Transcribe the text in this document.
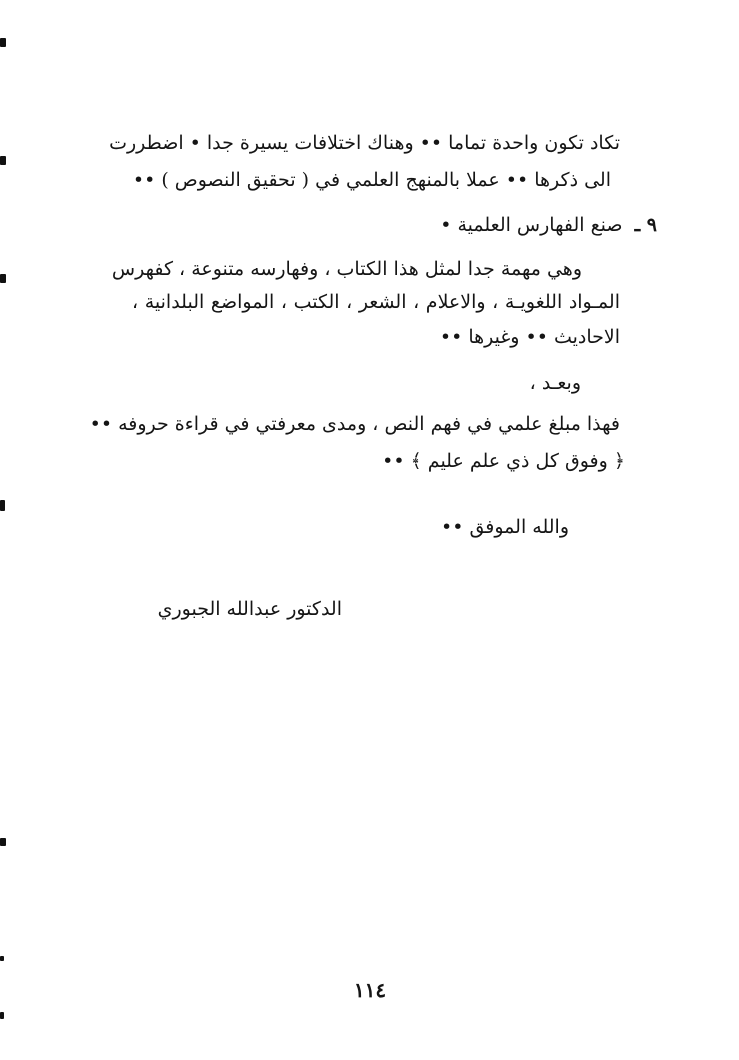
تكاد تكون واحدة تماما •• وهناك اختلافات يسيرة جدا • اضطررت
الى ذكرها •• عملا بالمنهج العلمي في ( تحقيق النصوص ) ••
٩ ـ صنع الفهارس العلمية •
وهي مهمة جدا لمثل هذا الكتاب ، وفهارسه متنوعة ، كفهرس
المـواد اللغويـة ، والاعلام ، الشعر ، الكتب ، المواضع البلدانية ،
الاحاديث •• وغيرها ••
وبعـد ،
فهذا مبلغ علمي في فهم النص ، ومدى معرفتي في قراءة حروفه ••
﴿ وفوق كل ذي علم عليم ﴾ ••
والله الموفق ••
الدكتور عبدالله الجبوري
١١٤
